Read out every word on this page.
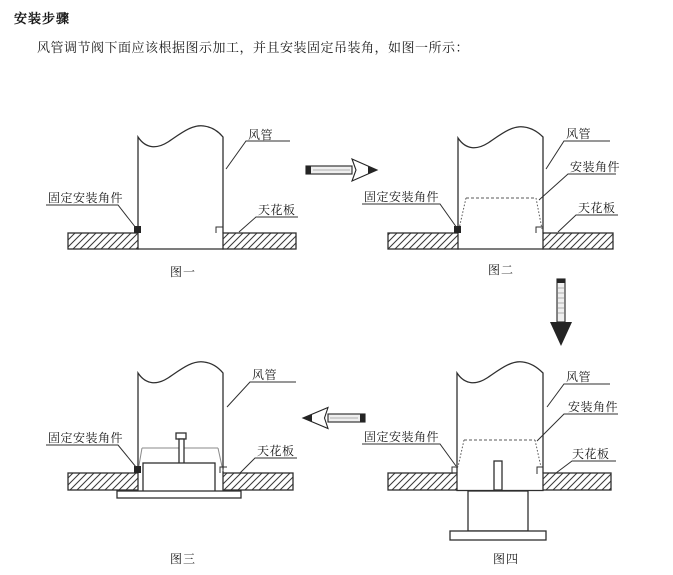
安装步骤
风管调节阀下面应该根据图示加工，并且安装固定吊装角，如图一所示：
风管
固定安装角件
天花板
图一
风管
安装角件
固定安装角件
天花板
图二
风管
安装角件
固定安装角件
天花板
图四
风管
固定安装角件
天花板
图三
